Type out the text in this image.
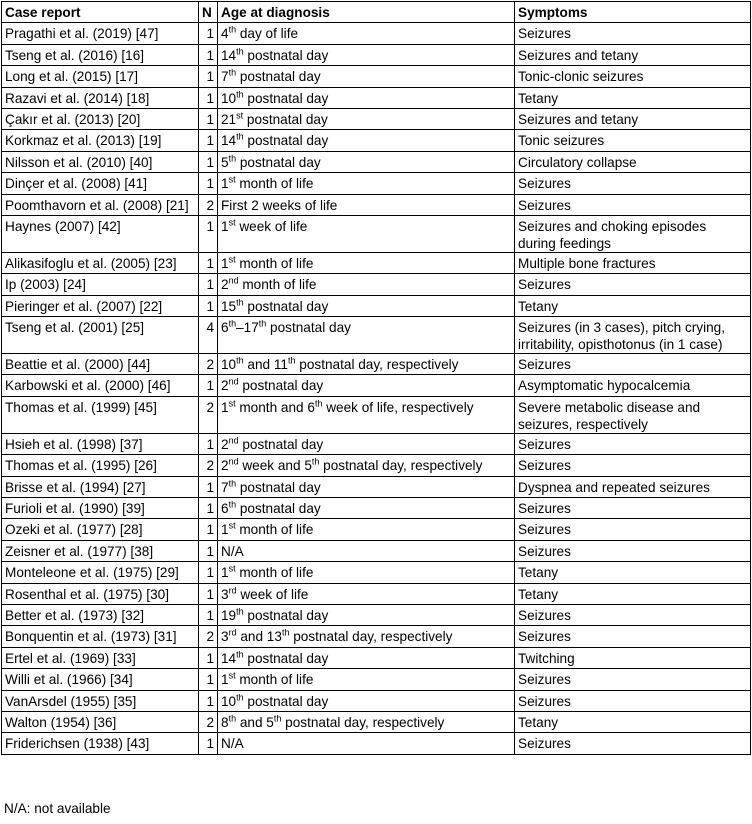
Case report	N	Age at diagnosis	Symptoms
Pragathi et al. (2019) [47]	1	4th day of life	Seizures
Tseng et al. (2016) [16]	1	14th postnatal day	Seizures and tetany
Long et al. (2015) [17]	1	7th postnatal day	Tonic-clonic seizures
Razavi et al. (2014) [18]	1	10th postnatal day	Tetany
Çakır et al. (2013) [20]	1	21st postnatal day	Seizures and tetany
Korkmaz et al. (2013) [19]	1	14th postnatal day	Tonic seizures
Nilsson et al. (2010) [40]	1	5th postnatal day	Circulatory collapse
Dinçer et al. (2008) [41]	1	1st month of life	Seizures
Poomthavorn et al. (2008) [21]	2	First 2 weeks of life	Seizures
Haynes (2007) [42]	1	1st week of life	Seizures and choking episodes during feedings
Alikasifoglu et al. (2005) [23]	1	1st month of life	Multiple bone fractures
Ip (2003) [24]	1	2nd month of life	Seizures
Pieringer et al. (2007) [22]	1	15th postnatal day	Tetany
Tseng et al. (2001) [25]	4	6th–17th postnatal day	Seizures (in 3 cases), pitch crying, irritability, opisthotonus (in 1 case)
Beattie et al. (2000) [44]	2	10th and 11th postnatal day, respectively	Seizures
Karbowski et al. (2000) [46]	1	2nd postnatal day	Asymptomatic hypocalcemia
Thomas et al. (1999) [45]	2	1st month and 6th week of life, respectively	Severe metabolic disease and seizures, respectively
Hsieh et al. (1998) [37]	1	2nd postnatal day	Seizures
Thomas et al. (1995) [26]	2	2nd week and 5th postnatal day, respectively	Seizures
Brisse et al. (1994) [27]	1	7th postnatal day	Dyspnea and repeated seizures
Furioli et al. (1990) [39]	1	6th postnatal day	Seizures
Ozeki et al. (1977) [28]	1	1st month of life	Seizures
Zeisner et al. (1977) [38]	1	N/A	Seizures
Monteleone et al. (1975) [29]	1	1st month of life	Tetany
Rosenthal et al. (1975) [30]	1	3rd week of life	Tetany
Better et al. (1973) [32]	1	19th postnatal day	Seizures
Bonquentin et al. (1973) [31]	2	3rd and 13th postnatal day, respectively	Seizures
Ertel et al. (1969) [33]	1	14th postnatal day	Twitching
Willi et al. (1966) [34]	1	1st month of life	Seizures
VanArsdel (1955) [35]	1	10th postnatal day	Seizures
Walton (1954) [36]	2	8th and 5th postnatal day, respectively	Tetany
Friderichsen (1938) [43]	1	N/A	Seizures
N/A: not available
